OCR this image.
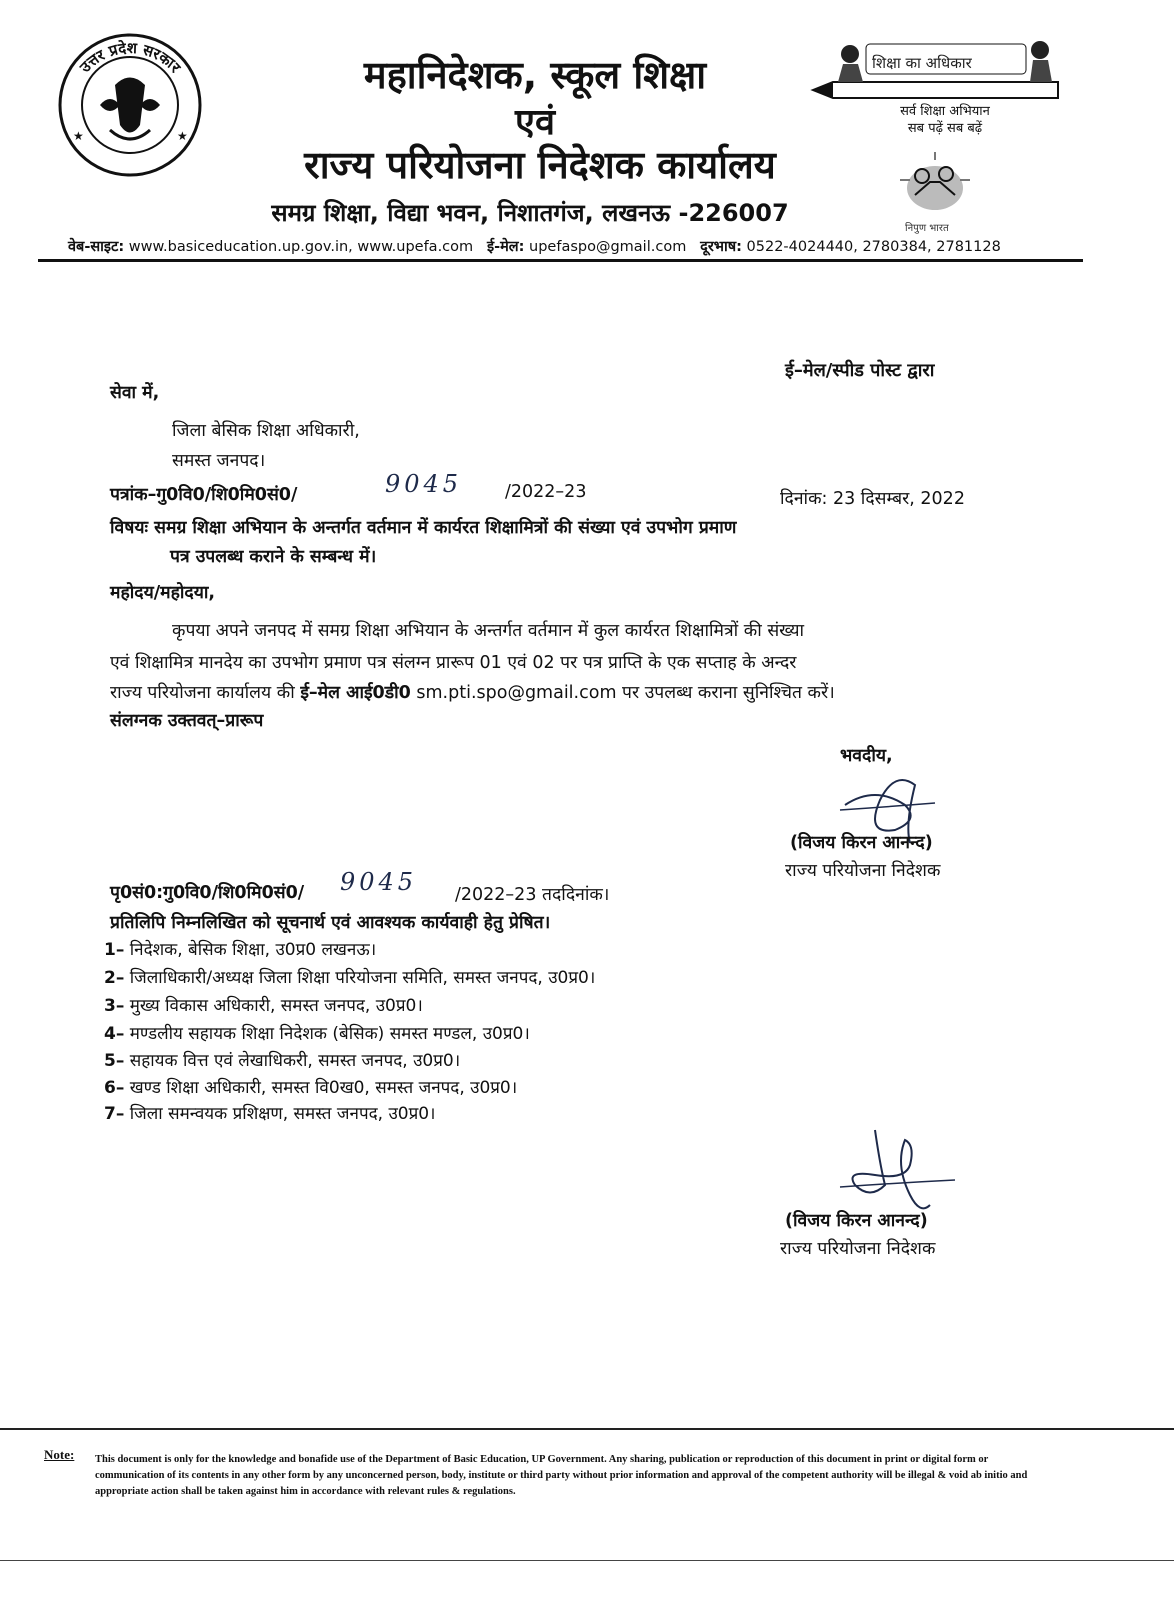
उत्तर प्रदेश सरकार
★	★
महानिदेशक, स्कूल शिक्षा
एवं
राज्य परियोजना निदेशक कार्यालय
समग्र शिक्षा, विद्या भवन, निशातगंज, लखनऊ -226007
शिक्षा का अधिकार
सर्व शिक्षा अभियान
सब पढ़ें सब बढ़ें
निपुण भारत
वेब-साइट: www.basiceducation.up.gov.in, www.upefa.com ई-मेल: upefaspo@gmail.com दूरभाष: 0522-4024440, 2780384, 2781128
ई–मेल/स्पीड पोस्ट द्वारा
सेवा में,
जिला बेसिक शिक्षा अधिकारी,
समस्त जनपद।
पत्रांक–गु0वि0/शि0मि0सं0/	9045 /2022–23	दिनांक: 23 दिसम्बर, 2022
विषयः समग्र शिक्षा अभियान के अन्तर्गत वर्तमान में कार्यरत शिक्षामित्रों की संख्या एवं उपभोग प्रमाण
पत्र उपलब्ध कराने के सम्बन्ध में।
महोदय/महोदया,
कृपया अपने जनपद में समग्र शिक्षा अभियान के अन्तर्गत वर्तमान में कुल कार्यरत शिक्षामित्रों की संख्या
एवं शिक्षामित्र मानदेय का उपभोग प्रमाण पत्र संलग्न प्रारूप 01 एवं 02 पर पत्र प्राप्ति के एक सप्ताह के अन्दर
राज्य परियोजना कार्यालय की ई–मेल आई0डी0 sm.pti.spo@gmail.com पर उपलब्ध कराना सुनिश्चित करें।
संलग्नक उक्तवत्–प्रारूप
भवदीय,
(विजय किरन आनन्द)
राज्य परियोजना निदेशक
पृ0सं0:गु0वि0/शि0मि0सं0/ 9045 /2022–23 तददिनांक।
प्रतिलिपि निम्नलिखित को सूचनार्थ एवं आवश्यक कार्यवाही हेतु प्रेषित।
1– निदेशक, बेसिक शिक्षा, उ0प्र0 लखनऊ।
2– जिलाधिकारी/अध्यक्ष जिला शिक्षा परियोजना समिति, समस्त जनपद, उ0प्र0।
3– मुख्य विकास अधिकारी, समस्त जनपद, उ0प्र0।
4– मण्डलीय सहायक शिक्षा निदेशक (बेसिक) समस्त मण्डल, उ0प्र0।
5– सहायक वित्त एवं लेखाधिकरी, समस्त जनपद, उ0प्र0।
6– खण्ड शिक्षा अधिकारी, समस्त वि0ख0, समस्त जनपद, उ0प्र0।
7– जिला समन्वयक प्रशिक्षण, समस्त जनपद, उ0प्र0।
(विजय किरन आनन्द)
राज्य परियोजना निदेशक
Note: This document is only for the knowledge and bonafide use of the Department of Basic Education, UP Government. Any sharing, publication or reproduction of this document in print or digital form or communication of its contents in any other form by any unconcerned person, body, institute or third party without prior information and approval of the competent authority will be illegal & void ab initio and appropriate action shall be taken against him in accordance with relevant rules & regulations.
